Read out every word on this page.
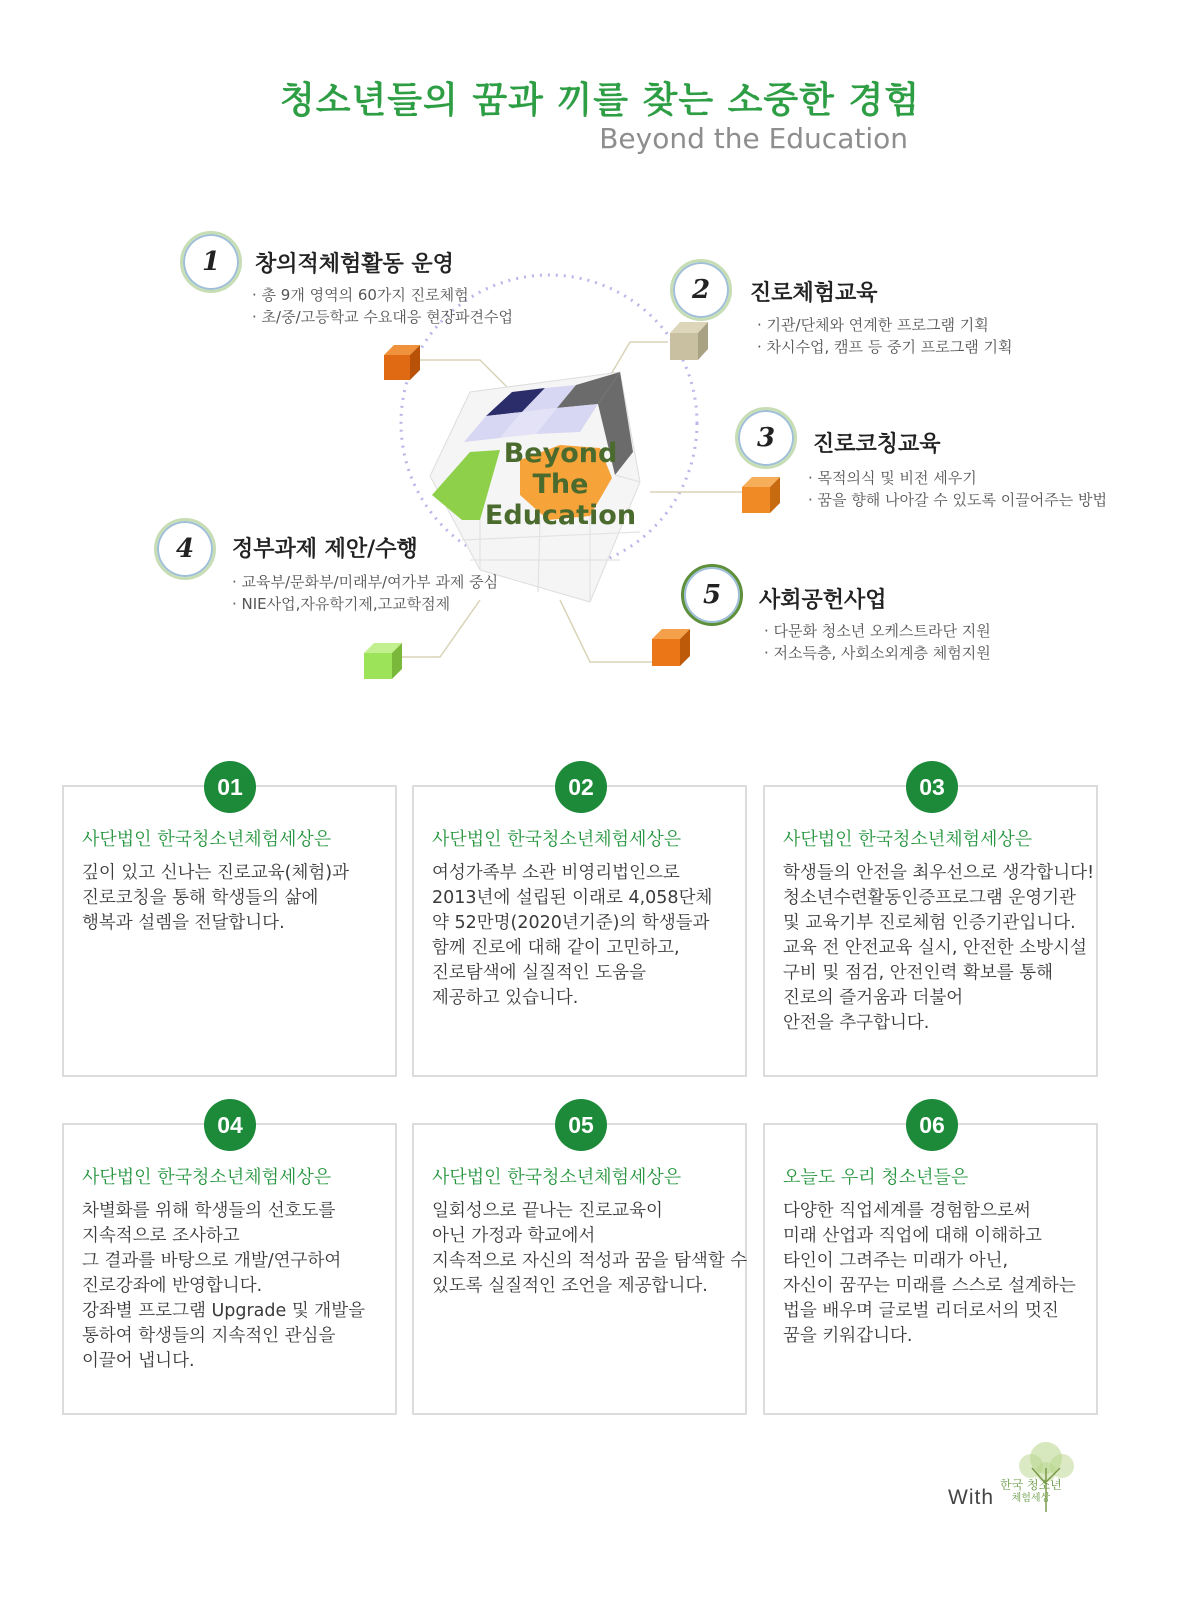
청소년들의 꿈과 끼를 찾는 소중한 경험
Beyond the Education
Beyond
The
Education
1	창의적체험활동 운영
· 총 9개 영역의 60가지 진로체험
· 초/중/고등학교 수요대응 현장파견수업
2	진로체험교육
· 기관/단체와 연계한 프로그램 기획
· 차시수업, 캠프 등 중기 프로그램 기획
3	진로코칭교육
· 목적의식 및 비전 세우기
· 꿈을 향해 나아갈 수 있도록 이끌어주는 방법
4	정부과제 제안/수행
· 교육부/문화부/미래부/여가부 과제 중심
· NIE사업,자유학기제,고교학점제	5	사회공헌사업
· 다문화 청소년 오케스트라단 지원
· 저소득층, 사회소외계층 체험지원
01
사단법인 한국청소년체험세상은
깊이 있고 신나는 진로교육(체험)과
진로코칭을 통해 학생들의 삶에
행복과 설렘을 전달합니다.
02
사단법인 한국청소년체험세상은
여성가족부 소관 비영리법인으로
2013년에 설립된 이래로 4,058단체
약 52만명(2020년기준)의 학생들과
함께 진로에 대해 같이 고민하고,
진로탐색에 실질적인 도움을
제공하고 있습니다.
03
사단법인 한국청소년체험세상은
학생들의 안전을 최우선으로 생각합니다!
청소년수련활동인증프로그램 운영기관
및 교육기부 진로체험 인증기관입니다.
교육 전 안전교육 실시, 안전한 소방시설
구비 및 점검, 안전인력 확보를 통해
진로의 즐거움과 더불어
안전을 추구합니다.
04
사단법인 한국청소년체험세상은
차별화를 위해 학생들의 선호도를
지속적으로 조사하고
그 결과를 바탕으로 개발/연구하여
진로강좌에 반영합니다.
강좌별 프로그램 Upgrade 및 개발을
통하여 학생들의 지속적인 관심을
이끌어 냅니다.
05
사단법인 한국청소년체험세상은
일회성으로 끝나는 진로교육이
아닌 가정과 학교에서
지속적으로 자신의 적성과 꿈을 탐색할 수
있도록 실질적인 조언을 제공합니다.
06
오늘도 우리 청소년들은
다양한 직업세계를 경험함으로써
미래 산업과 직업에 대해 이해하고
타인이 그려주는 미래가 아닌,
자신이 꿈꾸는 미래를 스스로 설계하는
법을 배우며 글로벌 리더로서의 멋진
꿈을 키워갑니다.
With
한국 청소년
체험세상
